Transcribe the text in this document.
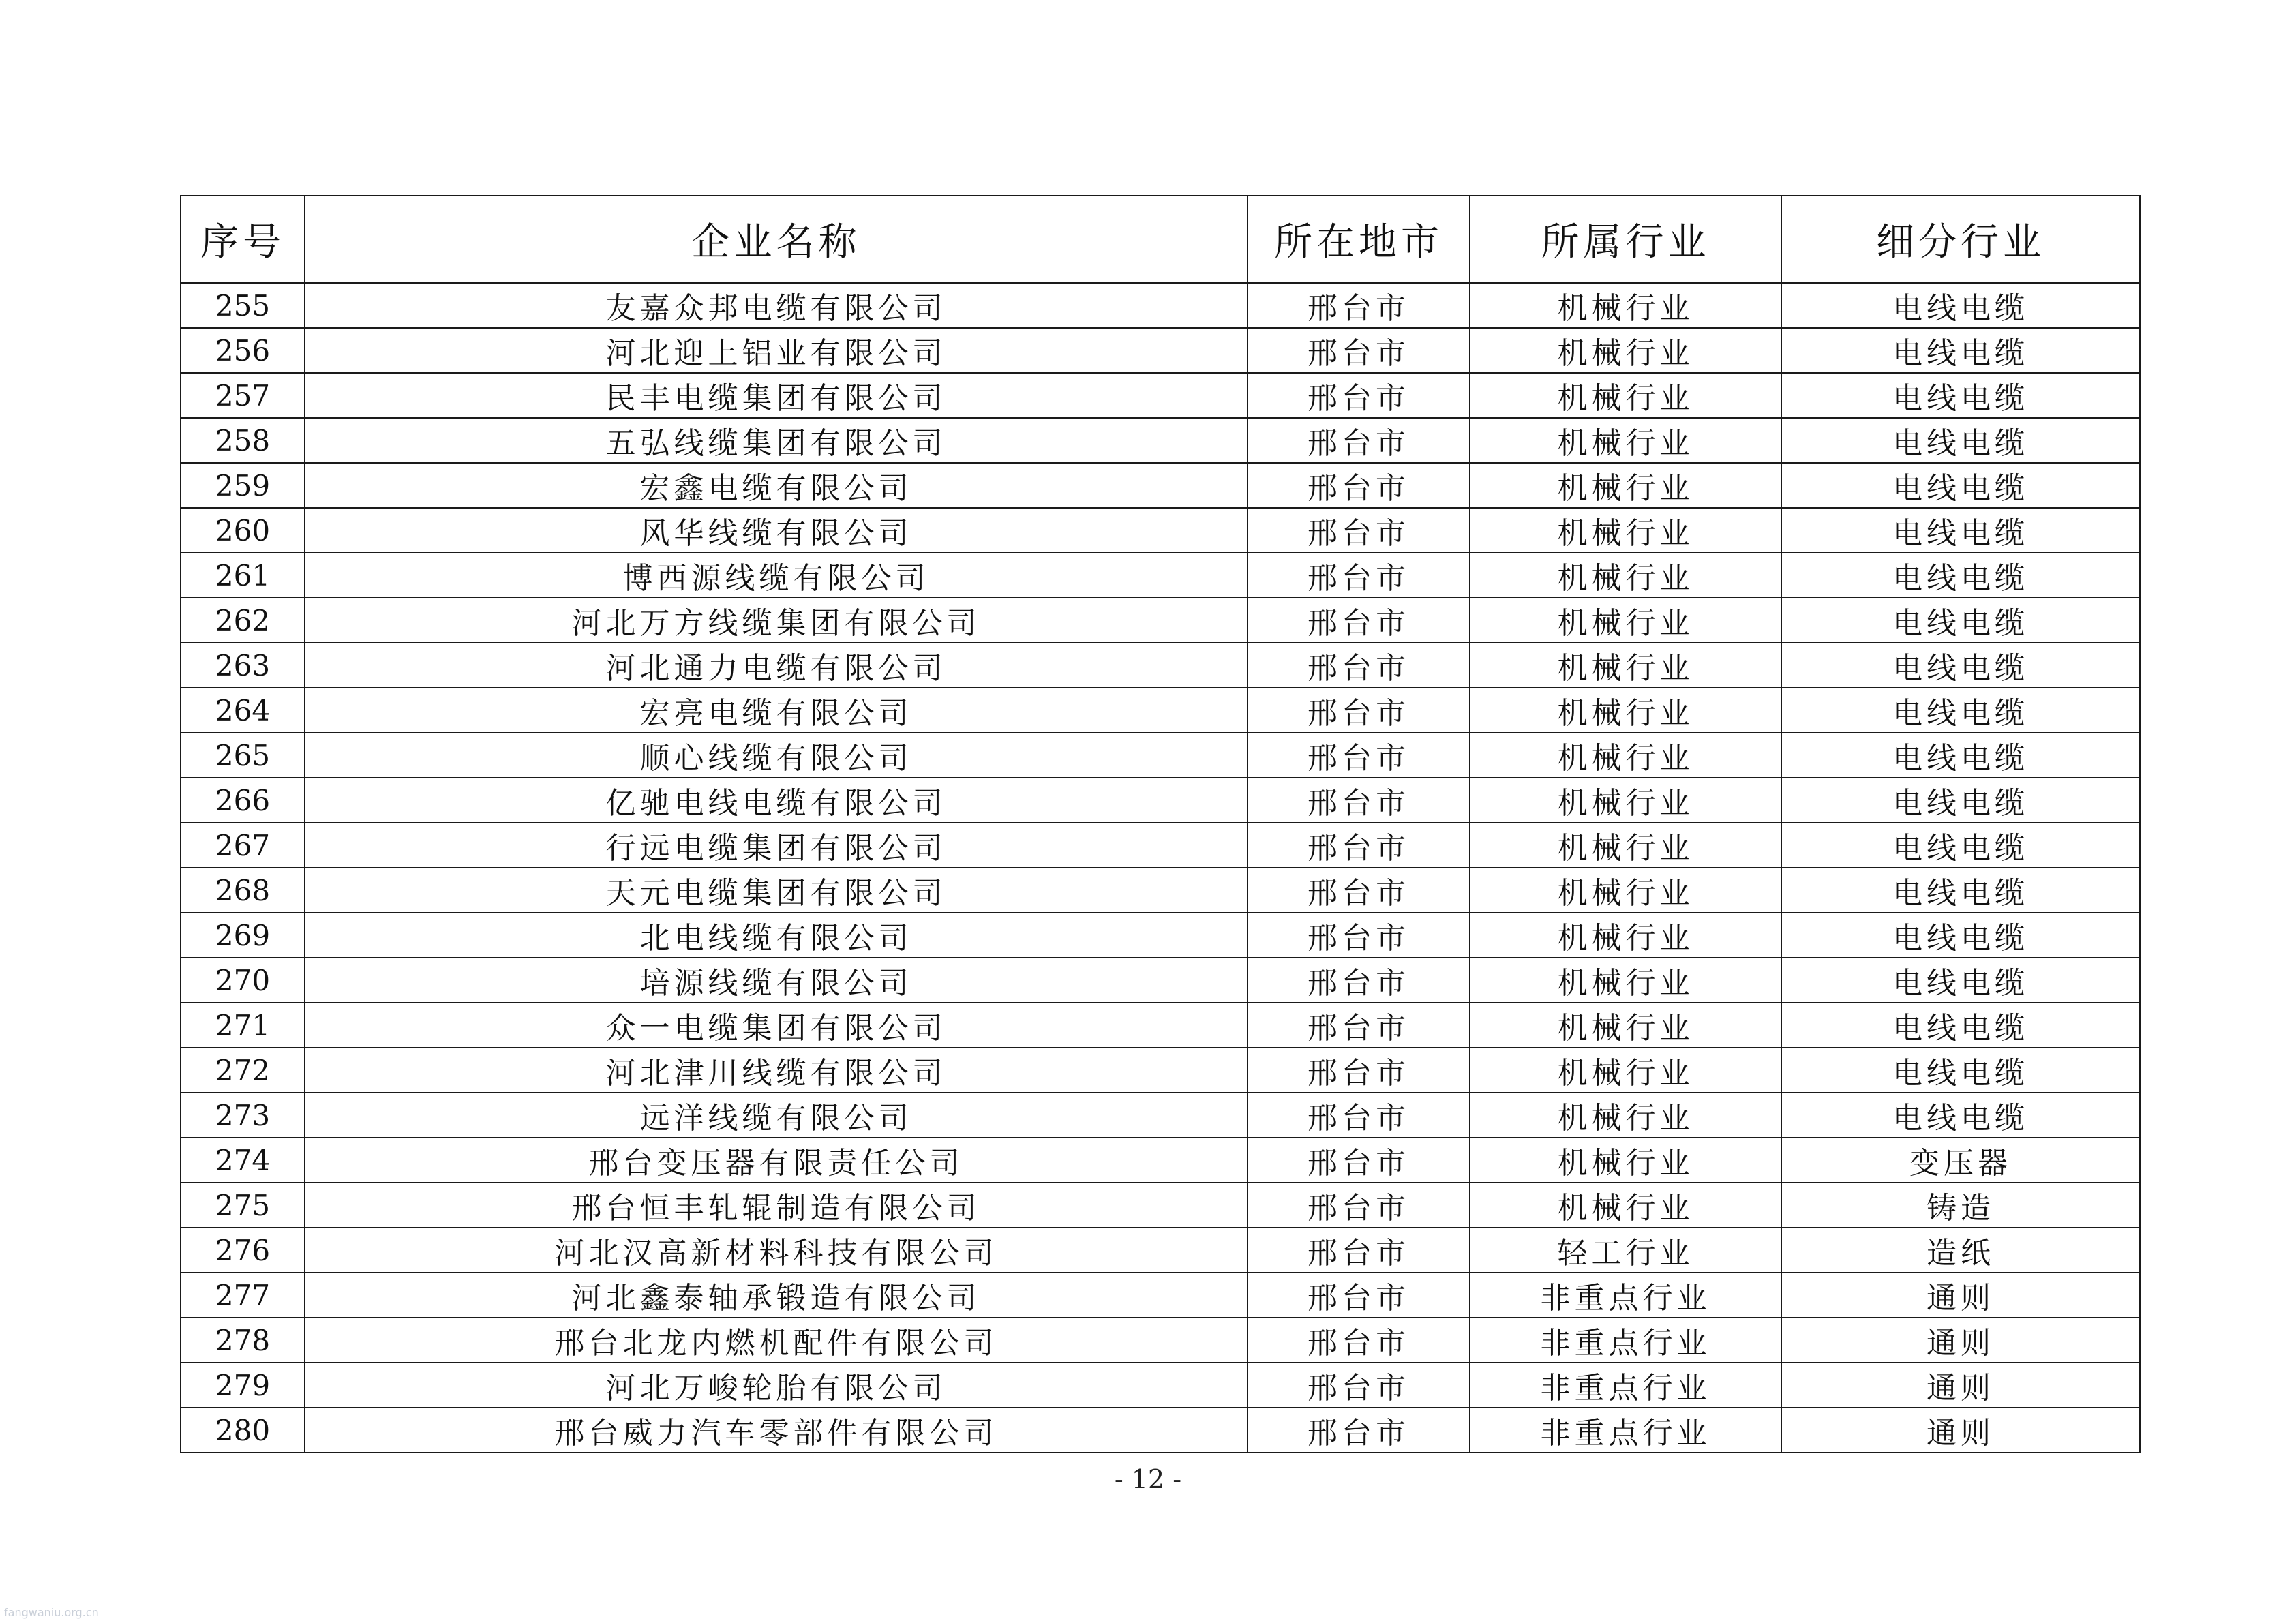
序号	企业名称	所在地市	所属行业	细分行业
255	友嘉众邦电缆有限公司	邢台市	机械行业	电线电缆
256	河北迎上铝业有限公司	邢台市	机械行业	电线电缆
257	民丰电缆集团有限公司	邢台市	机械行业	电线电缆
258	五弘线缆集团有限公司	邢台市	机械行业	电线电缆
259	宏鑫电缆有限公司	邢台市	机械行业	电线电缆
260	风华线缆有限公司	邢台市	机械行业	电线电缆
261	博西源线缆有限公司	邢台市	机械行业	电线电缆
262	河北万方线缆集团有限公司	邢台市	机械行业	电线电缆
263	河北通力电缆有限公司	邢台市	机械行业	电线电缆
264	宏亮电缆有限公司	邢台市	机械行业	电线电缆
265	顺心线缆有限公司	邢台市	机械行业	电线电缆
266	亿驰电线电缆有限公司	邢台市	机械行业	电线电缆
267	行远电缆集团有限公司	邢台市	机械行业	电线电缆
268	天元电缆集团有限公司	邢台市	机械行业	电线电缆
269	北电线缆有限公司	邢台市	机械行业	电线电缆
270	培源线缆有限公司	邢台市	机械行业	电线电缆
271	众一电缆集团有限公司	邢台市	机械行业	电线电缆
272	河北津川线缆有限公司	邢台市	机械行业	电线电缆
273	远洋线缆有限公司	邢台市	机械行业	电线电缆
274	邢台变压器有限责任公司	邢台市	机械行业	变压器
275	邢台恒丰轧辊制造有限公司	邢台市	机械行业	铸造
276	河北汉高新材料科技有限公司	邢台市	轻工行业	造纸
277	河北鑫泰轴承锻造有限公司	邢台市	非重点行业	通则
278	邢台北龙内燃机配件有限公司	邢台市	非重点行业	通则
279	河北万峻轮胎有限公司	邢台市	非重点行业	通则
280	邢台威力汽车零部件有限公司	邢台市	非重点行业	通则
- 12 -
fangwaniu.org.cn
